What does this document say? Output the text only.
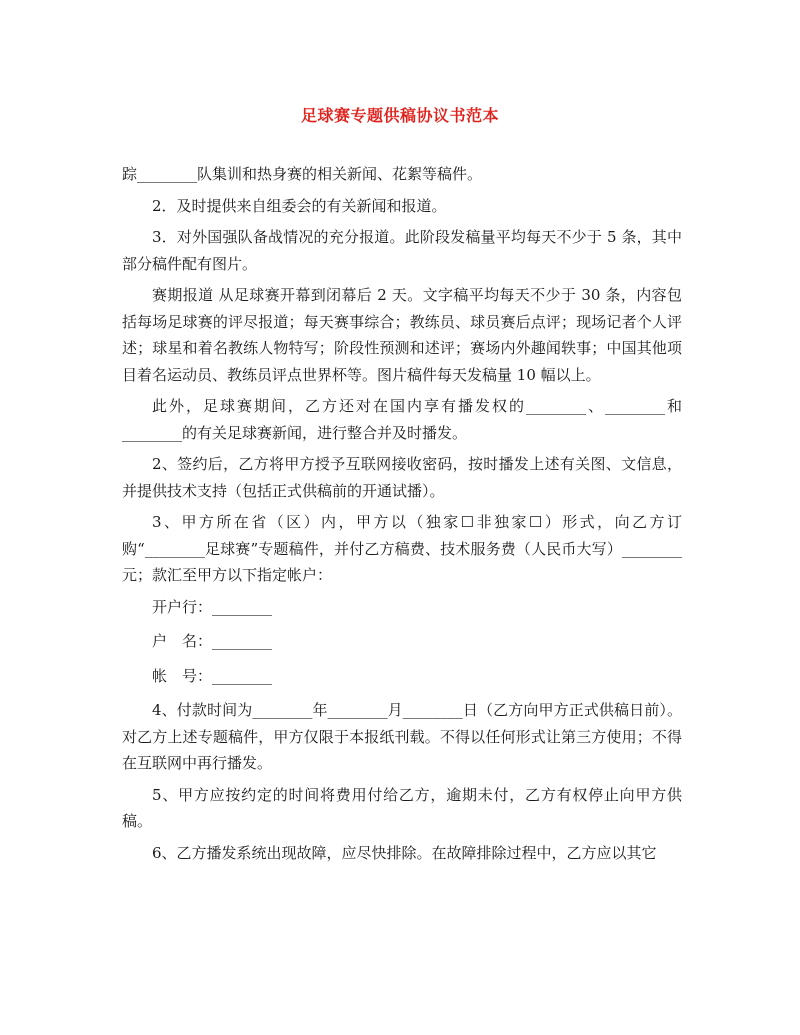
足球赛专题供稿协议书范本

踪________队集训和热身赛的相关新闻、花絮等稿件。

2．及时提供来自组委会的有关新闻和报道。

3．对外国强队备战情况的充分报道。此阶段发稿量平均每天不少于 5 条，其中部分稿件配有图片。

赛期报道 从足球赛开幕到闭幕后 2 天。文字稿平均每天不少于 30 条，内容包括每场足球赛的评尽报道；每天赛事综合；教练员、球员赛后点评；现场记者个人评述；球星和着名教练人物特写；阶段性预测和述评；赛场内外趣闻轶事；中国其他项目着名运动员、教练员评点世界杯等。图片稿件每天发稿量 10 幅以上。

此外，足球赛期间，乙方还对在国内享有播发权的________、________和________的有关足球赛新闻，进行整合并及时播发。

2、签约后，乙方将甲方授予互联网接收密码，按时播发上述有关图、文信息，并提供技术支持（包括正式供稿前的开通试播）。

3、甲方所在省（区）内，甲方以（独家☐非独家☐）形式，向乙方订购“________足球赛”专题稿件，并付乙方稿费、技术服务费（人民币大写）________元；款汇至甲方以下指定帐户：

开户行：________

户　名：________

帐　号：________

4、付款时间为________年________月________日（乙方向甲方正式供稿日前）。对乙方上述专题稿件，甲方仅限于本报纸刊载。不得以任何形式让第三方使用；不得在互联网中再行播发。

5、甲方应按约定的时间将费用付给乙方，逾期未付，乙方有权停止向甲方供稿。

6、乙方播发系统出现故障，应尽快排除。在故障排除过程中，乙方应以其它
